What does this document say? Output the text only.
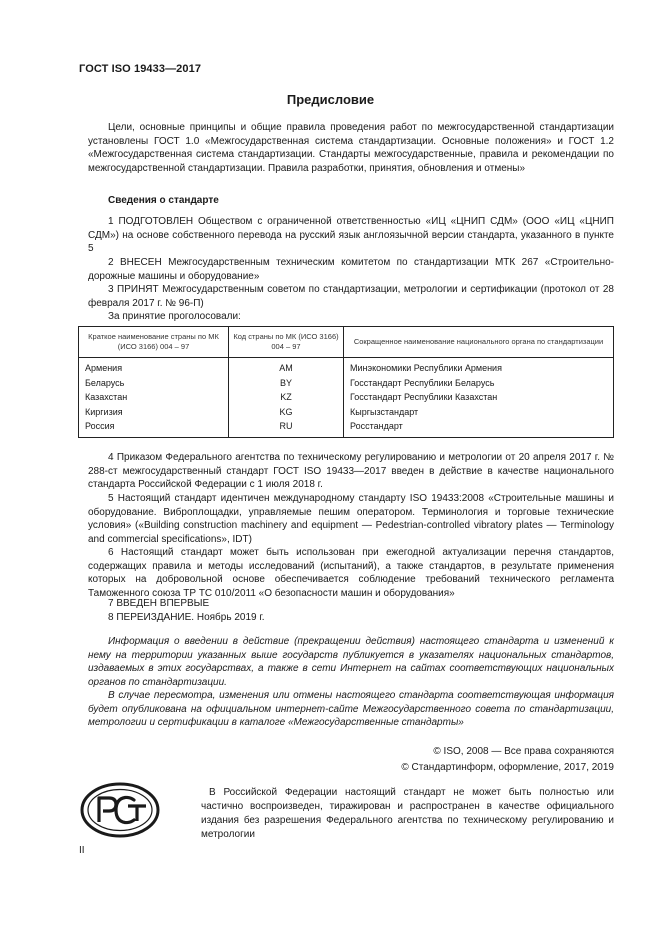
ГОСТ ISO 19433—2017
Предисловие
Цели, основные принципы и общие правила проведения работ по межгосударственной стандартизации установлены ГОСТ 1.0 «Межгосударственная система стандартизации. Основные положения» и ГОСТ 1.2 «Межгосударственная система стандартизации. Стандарты межгосударственные, правила и рекомендации по межгосударственной стандартизации. Правила разработки, принятия, обновления и отмены»
Сведения о стандарте
1 ПОДГОТОВЛЕН Обществом с ограниченной ответственностью «ИЦ «ЦНИП СДМ» (ООО «ИЦ «ЦНИП СДМ») на основе собственного перевода на русский язык англоязычной версии стандарта, указанного в пункте 5
2 ВНЕСЕН Межгосударственным техническим комитетом по стандартизации МТК 267 «Строительно-дорожные машины и оборудование»
3 ПРИНЯТ Межгосударственным советом по стандартизации, метрологии и сертификации (протокол от 28 февраля 2017 г. № 96-П)
За принятие проголосовали:
Краткое наименование страны по МК (ИСО 3166) 004 – 97	Код страны по МК (ИСО 3166) 004 – 97	Сокращенное наименование национального органа по стандартизации
Армения	AM	Минэкономики Республики Армения
Беларусь	BY	Госстандарт Республики Беларусь
Казахстан	KZ	Госстандарт Республики Казахстан
Киргизия	KG	Кыргызстандарт
Россия	RU	Росстандарт
4 Приказом Федерального агентства по техническому регулированию и метрологии от 20 апреля 2017 г. № 288-ст межгосударственный стандарт ГОСТ ISO 19433—2017 введен в действие в качестве национального стандарта Российской Федерации с 1 июля 2018 г.
5 Настоящий стандарт идентичен международному стандарту ISO 19433:2008 «Строительные машины и оборудование. Виброплощадки, управляемые пешим оператором. Терминология и торговые технические условия» («Building construction machinery and equipment — Pedestrian-controlled vibratory plates — Terminology and commercial specifications», IDT)
6 Настоящий стандарт может быть использован при ежегодной актуализации перечня стандартов, содержащих правила и методы исследований (испытаний), а также стандартов, в результате применения которых на добровольной основе обеспечивается соблюдение требований технического регламента Таможенного союза ТР ТС 010/2011 «О безопасности машин и оборудования»
7 ВВЕДЕН ВПЕРВЫЕ
8 ПЕРЕИЗДАНИЕ. Ноябрь 2019 г.
Информация о введении в действие (прекращении действия) настоящего стандарта и изменений к нему на территории указанных выше государств публикуется в указателях национальных стандартов, издаваемых в этих государствах, а также в сети Интернет на сайтах соответствующих национальных органов по стандартизации.
В случае пересмотра, изменения или отмены настоящего стандарта соответствующая информация будет опубликована на официальном интернет-сайте Межгосударственного совета по стандартизации, метрологии и сертификации в каталоге «Межгосударственные стандарты»
© ISO, 2008 — Все права сохраняются
© Стандартинформ, оформление, 2017, 2019
В Российской Федерации настоящий стандарт не может быть полностью или частично воспроизведен, тиражирован и распространен в качестве официального издания без разрешения Федерального агентства по техническому регулированию и метрологии
II
